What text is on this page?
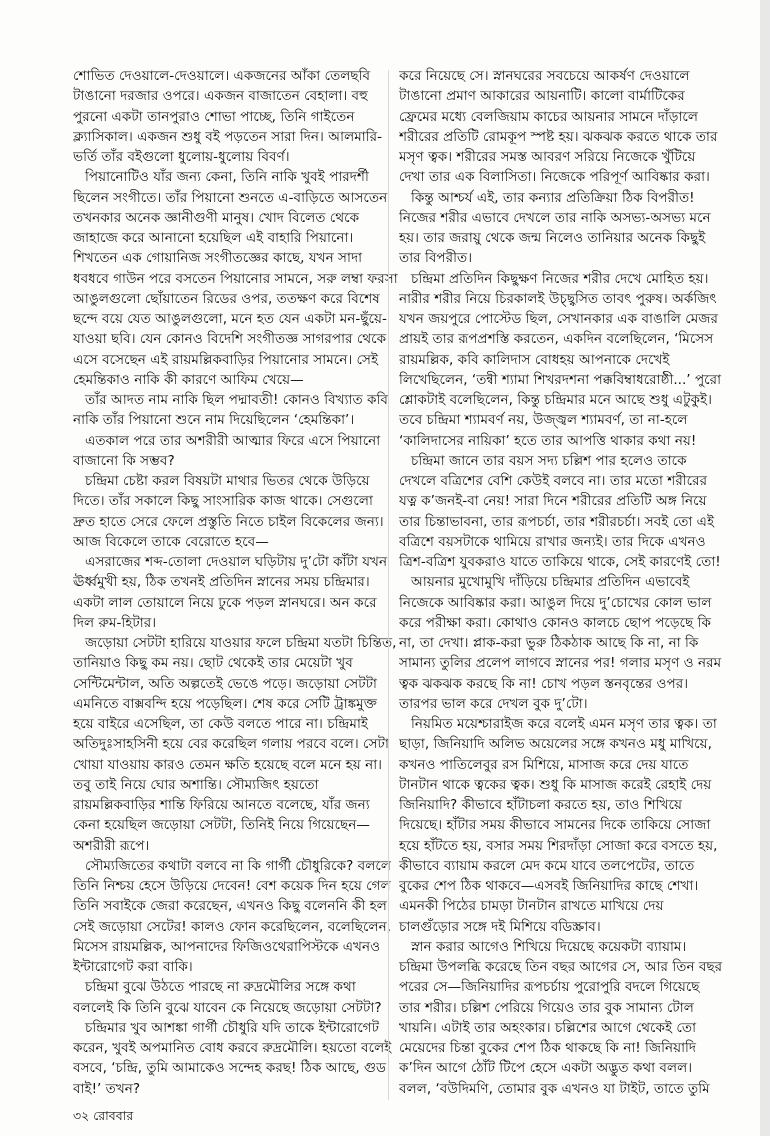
শোভিত দেওয়ালে-দেওয়ালে। একজনের আঁকা তেলছবি টাঙানো দরজার ওপরে। একজন বাজাতেন বেহালা। বহু পুরনো একটা তানপুরাও শোভা পাচ্ছে, তিনি গাইতেন ক্ল্যাসিকাল। একজন শুধু বই পড়তেন সারা দিন। আলমারি-ভর্তি তাঁর বইগুলো ধুলোয়-ধুলোয় বিবর্ণ।

পিয়ানোটিও যাঁর জন্য কেনা, তিনি নাকি খুবই পারদর্শী ছিলেন সংগীতে। তাঁর পিয়ানো শুনতে এ-বাড়িতে আসতেন তখনকার অনেক জ্ঞানীগুণী মানুষ। খোদ বিলেত থেকে জাহাজে করে আনানো হয়েছিল এই বাহারি পিয়ানো। শিখতেন এক গোয়ানিজ সংগীতজ্ঞের কাছে, যখন সাদা ধবধবে গাউন পরে বসতেন পিয়ানোর সামনে, সরু লম্বা ফরসা আঙুলগুলো ছোঁয়াতেন রিডের ওপর, ততক্ষণ করে বিশেষ ছন্দে বয়ে যেত আঙুলগুলো, মনে হত যেন একটা মন-ছুঁয়ে-যাওয়া ছবি। যেন কোনও বিদেশি সংগীতজ্ঞ সাগরপার থেকে এসে বসেছেন এই রায়মল্লিকবাড়ির পিয়ানোর সামনে। সেই হেমন্তিকাও নাকি কী কারণে আফিম খেয়ে—

তাঁর আদত নাম নাকি ছিল পদ্মাবতী! কোনও বিখ্যাত কবি নাকি তাঁর পিয়ানো শুনে নাম দিয়েছিলেন ‘হেমন্তিকা’।

এতকাল পরে তার অশরীরী আত্মার ফিরে এসে পিয়ানো বাজানো কি সম্ভব?

চন্দ্রিমা চেষ্টা করল বিষয়টা মাথার ভিতর থেকে উড়িয়ে দিতে। তাঁর সকালে কিছু সাংসারিক কাজ থাকে। সেগুলো দ্রুত হাতে সেরে ফেলে প্রস্তুতি নিতে চাইল বিকেলের জন্য। আজ বিকেলে তাকে বেরোতে হবে—

এসরাজের শব্দ-তোলা দেওয়াল ঘড়িটায় দু’টো কাঁটা যখন ঊর্ধ্বমুখী হয়, ঠিক তখনই প্রতিদিন স্নানের সময় চন্দ্রিমার। একটা লাল তোয়ালে নিয়ে ঢুকে পড়ল স্নানঘরে। অন করে দিল রুম-হিটার।

জড়োয়া সেটটা হারিয়ে যাওয়ার ফলে চন্দ্রিমা যতটা চিন্তিত, তানিয়াও কিছু কম নয়। ছোট থেকেই তার মেয়েটা খুব সেন্টিমেন্টাল, অতি অল্পতেই ভেঙে পড়ে। জড়োয়া সেটটা এমনিতে বাক্সবন্দি হয়ে পড়েছিল। শেষ করে সেটি ট্রাঙ্কমুক্ত হয়ে বাইরে এসেছিল, তা কেউ বলতে পারে না। চন্দ্রিমাই অতিদুঃসাহসিনী হয়ে বের করেছিল গলায় পরবে বলে। সেটা খোয়া যাওয়ায় কারও তেমন ক্ষতি হয়েছে বলে মনে হয় না। তবু তাই নিয়ে ঘোর অশান্তি। সৌম্যজিৎ হয়তো রায়মল্লিকবাড়ির শান্তি ফিরিয়ে আনতে বলেছে, যাঁর জন্য কেনা হয়েছিল জড়োয়া সেটটা, তিনিই নিয়ে গিয়েছেন—অশরীরী রূপে।

সৌম্যজিতের কথাটা বলবে না কি গার্গী চৌধুরিকে? বললে তিনি নিশ্চয় হেসে উড়িয়ে দেবেন! বেশ কয়েক দিন হয়ে গেল তিনি সবাইকে জেরা করেছেন, এখনও কিছু বলেননি কী হল সেই জড়োয়া সেটের! কালও ফোন করেছিলেন, বলেছিলেন, মিসেস রায়মল্লিক, আপনাদের ফিজিওথেরাপিস্টকে এখনও ইন্টারোগেট করা বাকি।

চন্দ্রিমা বুঝে উঠতে পারছে না রুদ্রমৌলির সঙ্গে কথা বললেই কি তিনি বুঝে যাবেন কে নিয়েছে জড়োয়া সেটটা?

চন্দ্রিমার খুব আশঙ্কা গার্গী চৌধুরি যদি তাকে ইন্টারোগেট করেন, খুবই অপমানিত বোধ করবে রুদ্রমৌলি। হয়তো বলেই বসবে, ‘চন্দ্রি, তুমি আমাকেও সন্দেহ করছ! ঠিক আছে, গুড বাই!’ তখন?

করে নিয়েছে সে। স্নানঘরের সবচেয়ে আকর্ষণ দেওয়ালে টাঙানো প্রমাণ আকারের আয়নাটি। কালো বার্মাটিকের ফ্রেমের মধ্যে বেলজিয়াম কাচের আয়নার সামনে দাঁড়ালে শরীরের প্রতিটি রোমকূপ স্পষ্ট হয়। ঝকঝক করতে থাকে তার মসৃণ ত্বক। শরীরের সমস্ত আবরণ সরিয়ে নিজেকে খুঁটিয়ে দেখা তার এক বিলাসিতা। নিজেকে পরিপূর্ণ আবিষ্কার করা।

কিন্তু আশ্চর্য এই, তার কন্যার প্রতিক্রিয়া ঠিক বিপরীত! নিজের শরীর এভাবে দেখলে তার নাকি অসভ্য-অসভ্য মনে হয়। তার জরায়ু থেকে জন্ম নিলেও তানিয়ার অনেক কিছুই তার বিপরীত।

চন্দ্রিমা প্রতিদিন কিছুক্ষণ নিজের শরীর দেখে মোহিত হয়। নারীর শরীর নিয়ে চিরকালই উচ্ছ্বসিত তাবৎ পুরুষ। অর্কজিৎ যখন জয়পুরে পোস্টেড ছিল, সেখানকার এক বাঙালি মেজর প্রায়ই তার রূপপ্রশস্তি করতেন, একদিন বলেছিলেন, ‘মিসেস রায়মল্লিক, কবি কালিদাস বোধহয় আপনাকে দেখেই লিখেছিলেন, ‘তন্বী শ্যামা শিখরদশনা পক্কবিম্বাধরোষ্ঠী...’ পুরো শ্লোকটাই বলেছিলেন, কিন্তু চন্দ্রিমার মনে আছে শুধু এটুকুই। তবে চন্দ্রিমা শ্যামবর্ণ নয়, উজ্জ্বল শ্যামবর্ণ, তা না-হলে ‘কালিদাসের নায়িকা’ হতে তার আপত্তি থাকার কথা নয়!

চন্দ্রিমা জানে তার বয়স সদ্য চল্লিশ পার হলেও তাকে দেখলে বত্রিশের বেশি কেউই বলবে না। তার মতো শরীরের যত্ন ক’জনই-বা নেয়! সারা দিনে শরীরের প্রতিটি অঙ্গ নিয়ে তার চিন্তাভাবনা, তার রূপচর্চা, তার শরীরচর্চা। সবই তো এই বত্রিশে বয়সটাকে থামিয়ে রাখার জন্যই। তার দিকে এখনও ত্রিশ-বত্রিশ যুবকরাও যাতে তাকিয়ে থাকে, সেই কারণেই তো!

আয়নার মুখোমুখি দাঁড়িয়ে চন্দ্রিমার প্রতিদিন এভাবেই নিজেকে আবিষ্কার করা। আঙুল দিয়ে দু’চোখের কোল ভাল করে পরীক্ষা করা। কোথাও কোনও কালচে ছোপ পড়েছে কি না, তা দেখা। প্লাক-করা ভুরু ঠিকঠাক আছে কি না, না কি সামান্য তুলির প্রলেপ লাগবে স্নানের পর! গলার মসৃণ ও নরম ত্বক ঝকঝক করছে কি না! চোখ পড়ল স্তনবৃন্তের ওপর। তারপর ভাল করে দেখল বুক দু’টো।

নিয়মিত ময়েশ্চারাইজ করে বলেই এমন মসৃণ তার ত্বক। তা ছাড়া, জিনিয়াদি অলিভ অয়েলের সঙ্গে কখনও মধু মাখিয়ে, কখনও পাতিলেবুর রস মিশিয়ে, মাসাজ করে দেয় যাতে টানটান থাকে ত্বকের ত্বক। শুধু কি মাসাজ করেই রেহাই দেয় জিনিয়াদি? কীভাবে হাঁটাচলা করতে হয়, তাও শিখিয়ে দিয়েছে। হাঁটার সময় কীভাবে সামনের দিকে তাকিয়ে সোজা হয়ে হাঁটতে হয়, বসার সময় শিরদাঁড়া সোজা করে বসতে হয়, কীভাবে ব্যায়াম করলে মেদ কমে যাবে তলপেটের, তাতে বুকের শেপ ঠিক থাকবে—এসবই জিনিয়াদির কাছে শেখা। এমনকী পিঠের চামড়া টানটান রাখতে মাখিয়ে দেয় চালগুঁড়োর সঙ্গে দই মিশিয়ে বডিস্ক্রাব।

স্নান করার আগেও শিখিয়ে দিয়েছে কয়েকটা ব্যায়াম। চন্দ্রিমা উপলব্ধি করেছে তিন বছর আগের সে, আর তিন বছর পরের সে—জিনিয়াদির রূপচর্চায় পুরোপুরি বদলে গিয়েছে তার শরীর। চল্লিশ পেরিয়ে গিয়েও তার বুক সামান্য টোল খায়নি। এটাই তার অহংকার। চল্লিশের আগে থেকেই তো মেয়েদের চিন্তা বুকের শেপ ঠিক থাকছে কি না! জিনিয়াদি ক’দিন আগে ঠোঁট টিপে হেসে একটা অদ্ভুত কথা বলল। বলল, ‘বউদিমণি, তোমার বুক এখনও যা টাইট, তাতে তুমি

৩২ রোববার
